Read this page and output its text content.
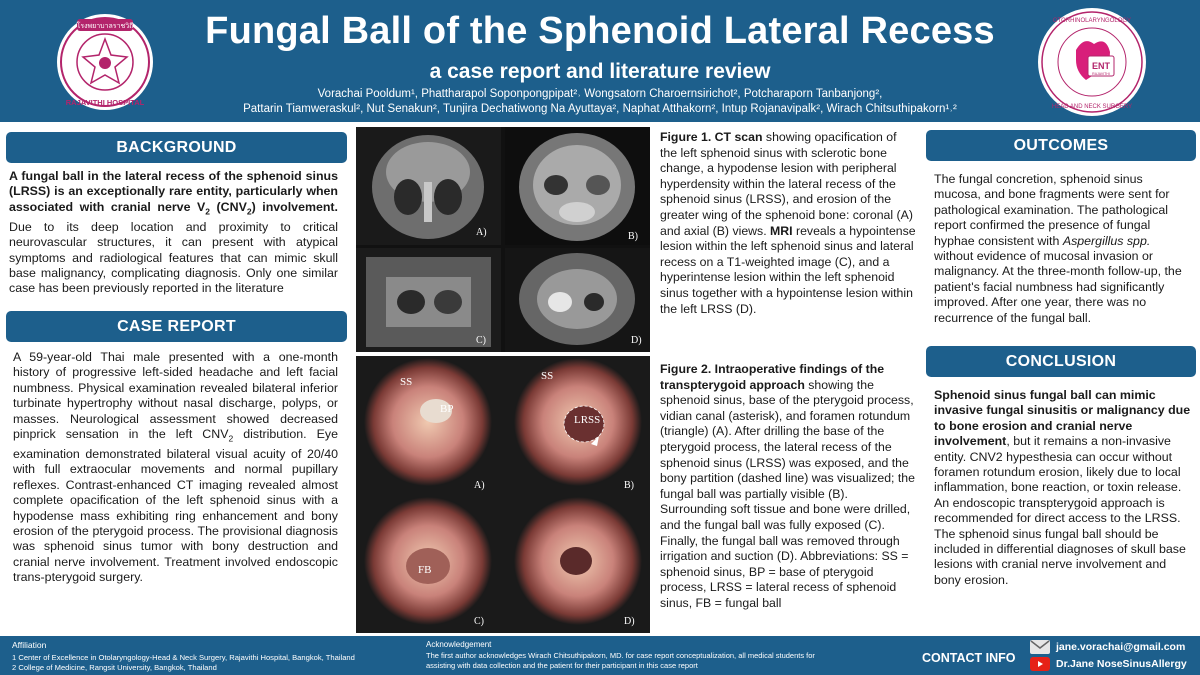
โรงพยาบาลราชวิถี
RAJAVITHI HOSPITAL
Fungal Ball of the Sphenoid Lateral Recess
a case report and literature review
Vorachai Pooldum¹, Phattharapol Soponpongpipat²˒ Wongsatorn Charoernsirichot², Potcharaporn Tanbanjong²,
Pattarin Tiamweraskul², Nut Senakun², Tunjira Dechatiwong Na Ayuttaya², Naphat Atthakorn², Intup Rojanavipalk², Wirach Chitsuthipakorn¹˒²
OTORHINOLARYNGOLOGY
HEAD AND NECK SURGERY
ENT
RAJAVITHI
BACKGROUND
A fungal ball in the lateral recess of the sphenoid sinus (LRSS) is an exceptionally rare entity, particularly when associated with cranial nerve $V_2$ $(CNV_2)$ involvement. Due to its deep location and proximity to critical neurovascular structures, it can present with atypical symptoms and radiological features that can mimic skull base malignancy, complicating diagnosis. Only one similar case has been previously reported in the literature
CASE REPORT
A 59-year-old Thai male presented with a one-month history of progressive left-sided headache and left facial numbness. Physical examination revealed bilateral inferior turbinate hypertrophy without nasal discharge, polyps, or masses. Neurological assessment showed decreased pinprick sensation in the left $CNV_2$ distribution. Eye examination demonstrated bilateral visual acuity of 20/40 with full extraocular movements and normal pupillary reflexes. Contrast-enhanced CT imaging revealed almost complete opacification of the left sphenoid sinus with a hypodense mass exhibiting ring enhancement and bony erosion of the pterygoid process. The provisional diagnosis was sphenoid sinus tumor with bony destruction and cranial nerve involvement. Treatment involved endoscopic trans-pterygoid surgery.
A)	B)
C)	D)
SS
BP
SS
LRSS
FB
A)	B)
C)	D)
Figure 1. CT scan showing opacification of the left sphenoid sinus with sclerotic bone change, a hypodense lesion with peripheral hyperdensity within the lateral recess of the sphenoid sinus (LRSS), and erosion of the greater wing of the sphenoid bone: coronal (A) and axial (B) views. MRI reveals a hypointense lesion within the left sphenoid sinus and lateral recess on a T1-weighted image (C), and a hyperintense lesion within the left sphenoid sinus together with a hypointense lesion within the left LRSS (D).
Figure 2. Intraoperative findings of the transpterygoid approach showing the sphenoid sinus, base of the pterygoid process, vidian canal (asterisk), and foramen rotundum (triangle) (A). After drilling the base of the pterygoid process, the lateral recess of the sphenoid sinus (LRSS) was exposed, and the bony partition (dashed line) was visualized; the fungal ball was partially visible (B). Surrounding soft tissue and bone were drilled, and the fungal ball was fully exposed (C). Finally, the fungal ball was removed through irrigation and suction (D). Abbreviations: SS = sphenoid sinus, BP = base of pterygoid process, LRSS = lateral recess of sphenoid sinus, FB = fungal ball
OUTCOMES
The fungal concretion, sphenoid sinus mucosa, and bone fragments were sent for pathological examination. The pathological report confirmed the presence of fungal hyphae consistent with Aspergillus spp. without evidence of mucosal invasion or malignancy. At the three-month follow-up, the patient's facial numbness had significantly improved. After one year, there was no recurrence of the fungal ball.
CONCLUSION
Sphenoid sinus fungal ball can mimic invasive fungal sinusitis or malignancy due to bone erosion and cranial nerve involvement, but it remains a non-invasive entity. CNV2 hypesthesia can occur without foramen rotundum erosion, likely due to local inflammation, bone reaction, or toxin release. An endoscopic transpterygoid approach is recommended for direct access to the LRSS. The sphenoid sinus fungal ball should be included in differential diagnoses of skull base lesions with cranial nerve involvement and bony erosion.
Affiliation
1 Center of Excellence in Otolaryngology-Head & Neck Surgery, Rajavithi Hospital, Bangkok, Thailand
2 College of Medicine, Rangsit University, Bangkok, Thailand
Acknowledgement
The first author acknowledges Wirach Chitsuthipakorn, MD. for case report conceptualization, all medical students for assisting with data collection and the patient for their participant in this case report
CONTACT INFO
jane.vorachai@gmail.com
Dr.Jane NoseSinusAllergy
